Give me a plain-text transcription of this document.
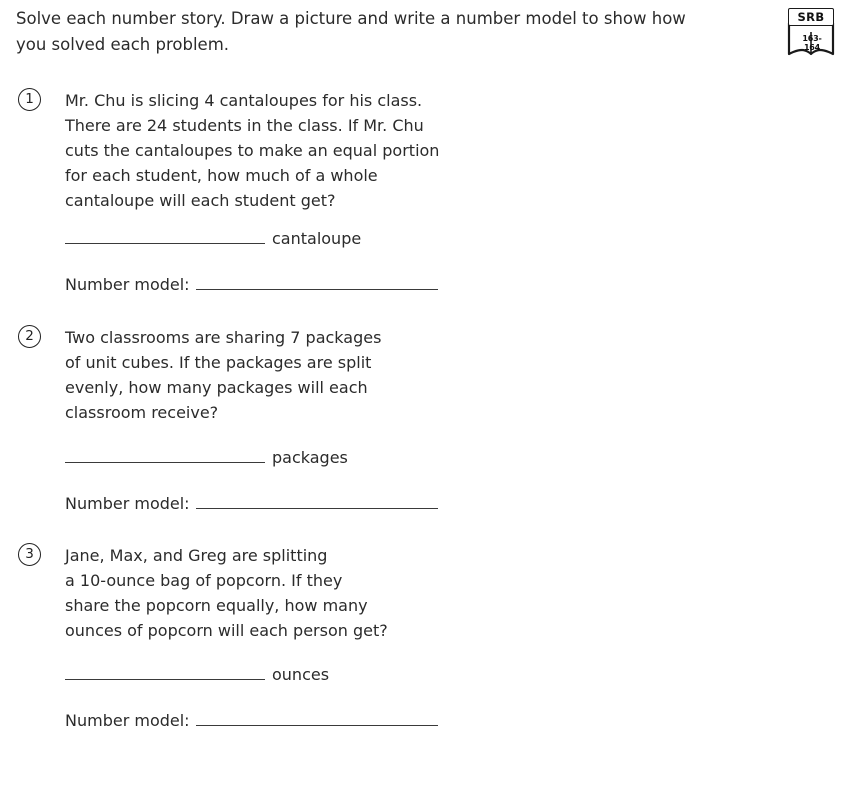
Solve each number story. Draw a picture and write a number model to show how
you solved each problem.
SRB
163-164
1	Mr. Chu is slicing 4 cantaloupes for his class.
There are 24 students in the class. If Mr. Chu
cuts the cantaloupes to make an equal portion
for each student, how much of a whole
cantaloupe will each student get?
cantaloupe
Number model:
2	Two classrooms are sharing 7 packages
of unit cubes. If the packages are split
evenly, how many packages will each
classroom receive?
packages
Number model:
3	Jane, Max, and Greg are splitting
a 10-ounce bag of popcorn. If they
share the popcorn equally, how many
ounces of popcorn will each person get?
ounces
Number model:
